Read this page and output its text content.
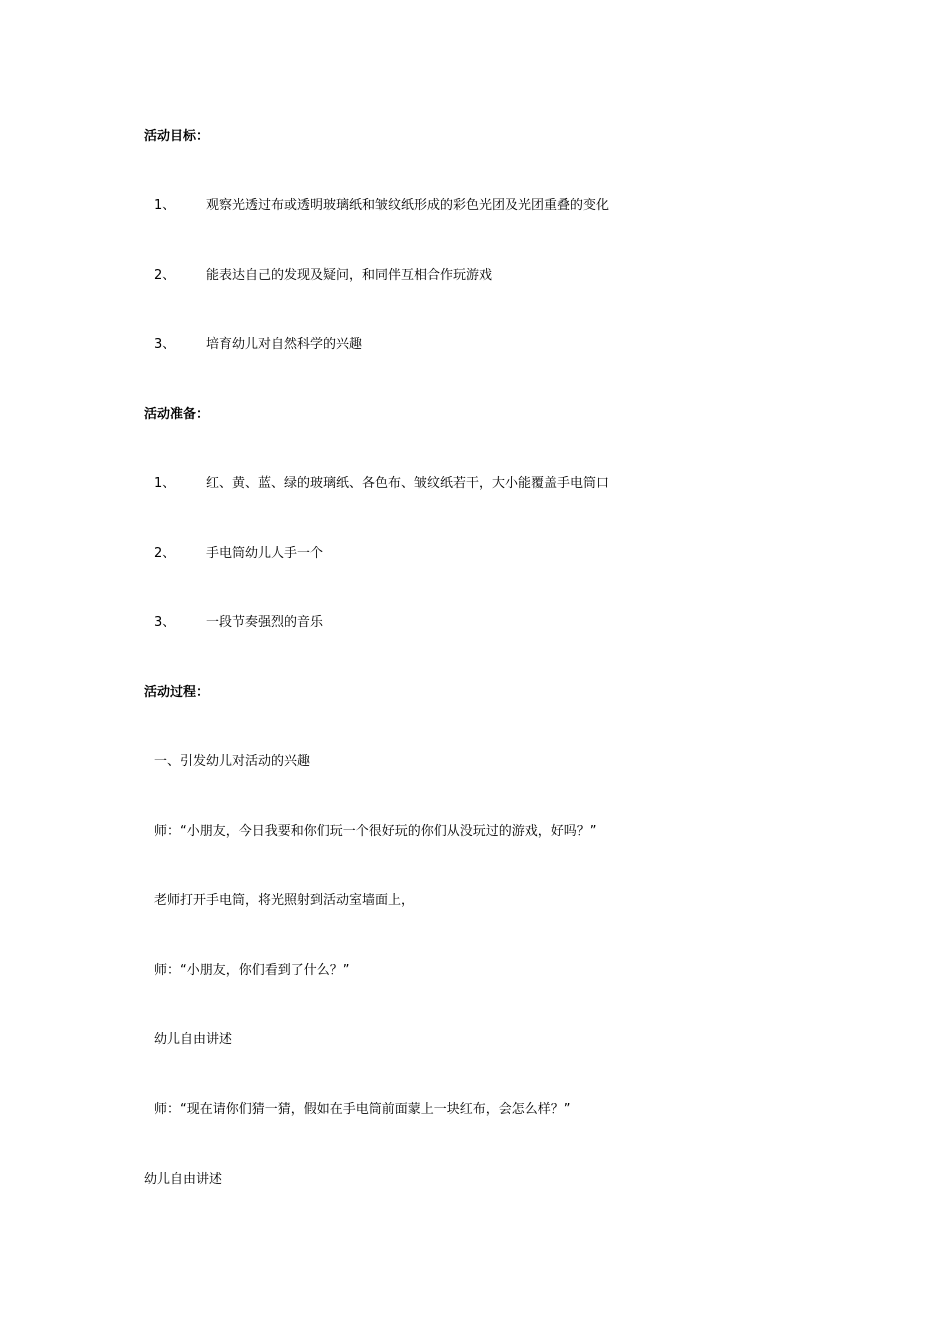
活动目标：
1、 观察光透过布或透明玻璃纸和皱纹纸形成的彩色光团及光团重叠的变化
2、 能表达自己的发现及疑问，和同伴互相合作玩游戏
3、 培育幼儿对自然科学的兴趣
活动准备：
1、 红、黄、蓝、绿的玻璃纸、各色布、皱纹纸若干，大小能覆盖手电筒口
2、 手电筒幼儿人手一个
3、 一段节奏强烈的音乐
活动过程：
一、引发幼儿对活动的兴趣
师：“小朋友，今日我要和你们玩一个很好玩的你们从没玩过的游戏，好吗？”
老师打开手电筒，将光照射到活动室墙面上，
师：“小朋友，你们看到了什么？”
幼儿自由讲述
师：“现在请你们猜一猜，假如在手电筒前面蒙上一块红布，会怎么样？”
幼儿自由讲述
